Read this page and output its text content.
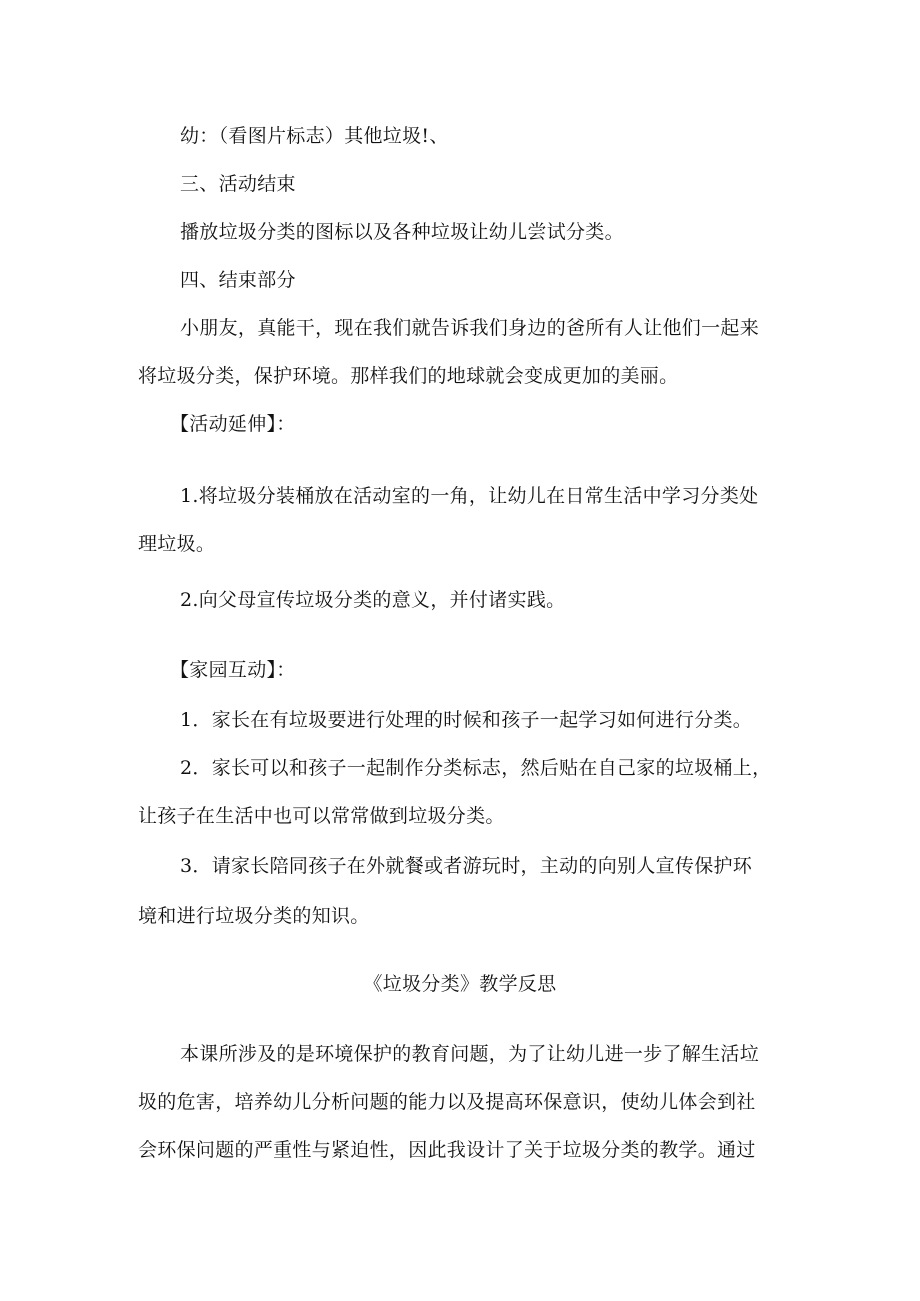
幼：（看图片标志）其他垃圾!、
三、活动结束
播放垃圾分类的图标以及各种垃圾让幼儿尝试分类。
四、结束部分
小朋友，真能干，现在我们就告诉我们身边的爸所有人让他们一起来
将垃圾分类，保护环境。那样我们的地球就会变成更加的美丽。
【活动延伸】：
1.将垃圾分装桶放在活动室的一角，让幼儿在日常生活中学习分类处
理垃圾。
2.向父母宣传垃圾分类的意义，并付诸实践。
【家园互动】：
1．家长在有垃圾要进行处理的时候和孩子一起学习如何进行分类。
2．家长可以和孩子一起制作分类标志，然后贴在自己家的垃圾桶上，
让孩子在生活中也可以常常做到垃圾分类。
3．请家长陪同孩子在外就餐或者游玩时，主动的向别人宣传保护环
境和进行垃圾分类的知识。
《垃圾分类》教学反思
本课所涉及的是环境保护的教育问题，为了让幼儿进一步了解生活垃
圾的危害，培养幼儿分析问题的能力以及提高环保意识，使幼儿体会到社
会环保问题的严重性与紧迫性，因此我设计了关于垃圾分类的教学。通过
